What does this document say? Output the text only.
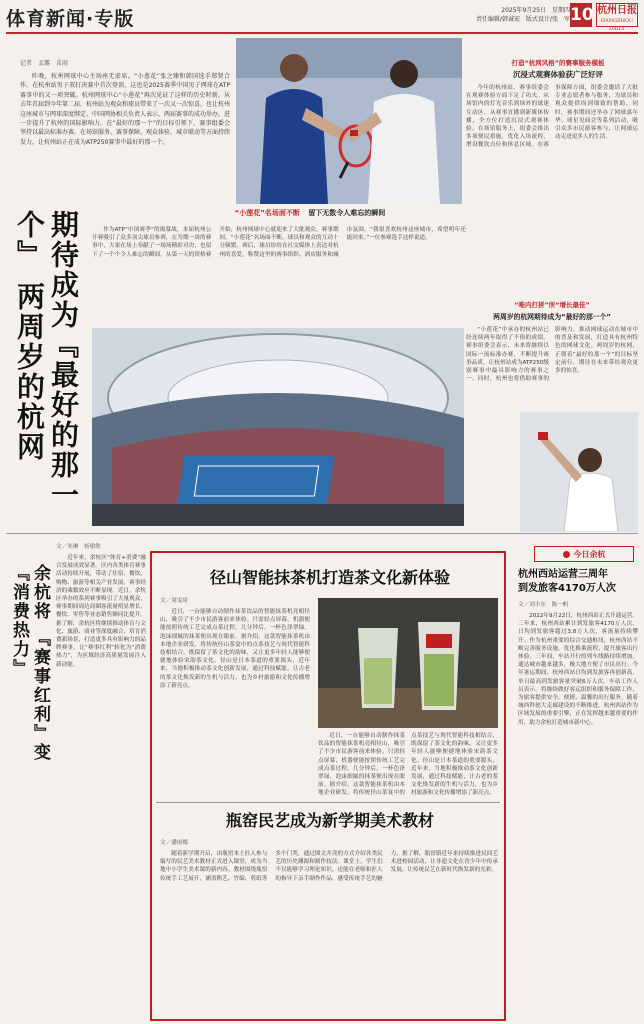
体育新闻·专版	2025年9月25日　星期四
责任编辑/韩诚宏　版式设计/张　军 10 杭州日报
HANGZHOU DAILY
记者　孟露　苗雨

昨晚，杭州网球中心主场座无虚席。“小葱花”张之臻和韩国选手郑贤合作，在杭州站男子双打决赛中首次登顶，这也是2025赛季中国男子网球在ATP赛事中的又一项突破。杭州网球中心“小莲花”再次见证了这样的历史时刻。从去年首届到今年第二届，杭州站为观众和球员带来了一次又一次惊喜，也让杭州这座城市与网球深度绑定。中国网协相关负责人表示，两届赛事的成功举办，进一步提升了杭州的国际影响力。在“最好的那一个”的目标引领下，赛事组委会坚持以最高标准办赛，在场馆服务、赛事保障、观众体验、城市联动等方面持续发力，让杭州站正在成为ATP250赛事中最好的那一个。

打造“杭网风格”的赛事服务模板
沉浸式观赛体验获广泛好评

今年的杭州站，赛事组委会在观赛体验方面下足了功夫。从场馆内的灯光音乐到场外的球迷互动区，从赛事直播到新媒体传播，全方位打造沉浸式观赛体验。在场馆服务上，组委会推出多项便民措施，优化入场流程，增设餐饮点位和休息区域。在赛事保障方面，组委会邀请了大批专业志愿者参与服务，为球员和观众提供周到细致的帮助。同时，赛事期间还举办了网球嘉年华、球星见面会等系列活动，吸引众多市民游客参与，让网球运动走进更多人的生活。

“小莲花”名场面不断 留下无数令人难忘的瞬间
期待成为『最好的那一个』 两周岁的杭网

作为ATP“中国赛季”的揭幕战，本届杭州公开赛吸引了众多顶尖球员参赛，在为期一周的赛事中，大家在场上奉献了一场场精彩对决，也留下了一个个令人难忘的瞬间。从第一天的资格赛开始，杭州网球中心就迎来了大批观众。赛事期间，“小莲花”名场面不断，球员和观众的互动十分频繁。赛后，球员纷纷在社交媒体上表达对杭州的喜爱，称赞这里的赛事组织、酒店服务和城市氛围。“我很喜欢杭州这座城市，希望明年还能回来。”一位参赛选手这样说道。

“唯内打拼”所“增长最佳”
两周岁的杭网期待成为“最好的那一个”

“小莲花”中承办的杭州站已经连续两年取得了不俗的成绩。赛事组委会表示，未来将继续以国际一流标准办赛，不断提升赛事品质，让杭州站成为ATP250级别赛事中最具影响力的赛事之一。同时，杭州也将借助赛事的影响力，推动网球运动在城市中的普及和发展，打造具有杭州特色的网球文化。两周岁的杭网，正朝着“最好的那一个”的目标坚定前行，期待在未来带给观众更多的惊喜。

余杭将 『赛事红利』变『消费热力』
文／朱琳　杨敏敏

近年来，余杭区“体育+消费”融合发展成效显著。区内各类体育赛事活动持续开展，带动了住宿、餐饮、购物、旅游等相关产业发展，赛事经济的乘数效应不断显现。近日，余杭区举办的系列赛事吸引了大量观众，赛事期间周边商圈客流量明显增长，餐饮、零售等业态销售额同比提升。据了解，余杭区将继续推动体育与文化、旅游、商业等深度融合，培育消费新场景，打造更多具有影响力的品牌赛事，让“赛事红利”转化为“消费热力”，为区域经济高质量发展注入新动能。

径山智能抹茶机打造茶文化新体验
文／周雯琦

近日，一台能够自动制作抹茶饮品的智能抹茶机亮相径山，吸引了不少市民游客前来体验。只需轻点屏幕，机器便能按照传统工艺完成点茶过程，几分钟后，一杯色泽翠绿、泡沫细腻的抹茶便出现在眼前。据介绍，这款智能抹茶机由本地企业研发，将传统径山茶宴中的点茶技艺与现代智能科技相结合，既保留了茶文化的韵味，又让更多年轻人能够便捷地体验宋韵茶文化。径山是日本茶道的重要源头，近年来，当地积极推动茶文化创新发展，通过科技赋能，让古老的茶文化焕发新的生机与活力，也为乡村旅游和文化传播增添了新亮点。

近日，一台能够自动制作抹茶饮品的智能抹茶机亮相径山，吸引了不少市民游客前来体验。只需轻点屏幕，机器便能按照传统工艺完成点茶过程，几分钟后，一杯色泽翠绿、泡沫细腻的抹茶便出现在眼前。据介绍，这款智能抹茶机由本地企业研发，将传统径山茶宴中的点茶技艺与现代智能科技相结合，既保留了茶文化的韵味，又让更多年轻人能够便捷地体验宋韵茶文化。径山是日本茶道的重要源头，近年来，当地积极推动茶文化创新发展，通过科技赋能，让古老的茶文化焕发新的生机与活力，也为乡村旅游和文化传播增添了新亮点。

瓶窑民艺成为新学期美术教材
文／潘丽娜

随着新学期开启，由瓶窑本土匠人参与编写的民艺美术教材正式进入课堂，成为当地中小学生美术课的新内容。教材围绕瓶窑传统手工艺展开，涵盖陶艺、竹编、剪纸等多个门类，通过图文并茂的方式介绍各类民艺的历史渊源和制作技法。课堂上，学生们不仅能够学习理论知识，还能在老师和匠人的指导下亲手制作作品，感受传统手艺的魅力。据了解，瓶窑镇近年来持续推进民间艺术进校园活动，让非遗文化在青少年中传承发展，让传统民艺在新时代焕发新的光彩。

今日余杭
杭州西站运营三周年
到发旅客4170万人次
文／刘丰东　陈一帆

2022年9月22日，杭州西站正式开通运营。三年来，杭州西站累计到发旅客4170万人次，日均到发旅客超过3.8万人次，客流量持续攀升。作为杭州重要的综合交通枢纽，杭州西站不断完善服务设施，优化换乘流程，提升旅客出行体验。三年间，车站开行的列车线路持续增加，通达城市越来越多，极大地方便了市民出行。今年暑运期间，杭州西站日均到发旅客再创新高，单日最高到发旅客量突破6万人次。车站工作人员表示，将继续做好客运组织和服务保障工作，为旅客提供安全、便捷、温馨的出行服务。随着城西科创大走廊建设的不断推进，杭州西站作为区域发展的重要引擎，正在发挥越来越重要的作用，助力余杭打造城市新中心。
